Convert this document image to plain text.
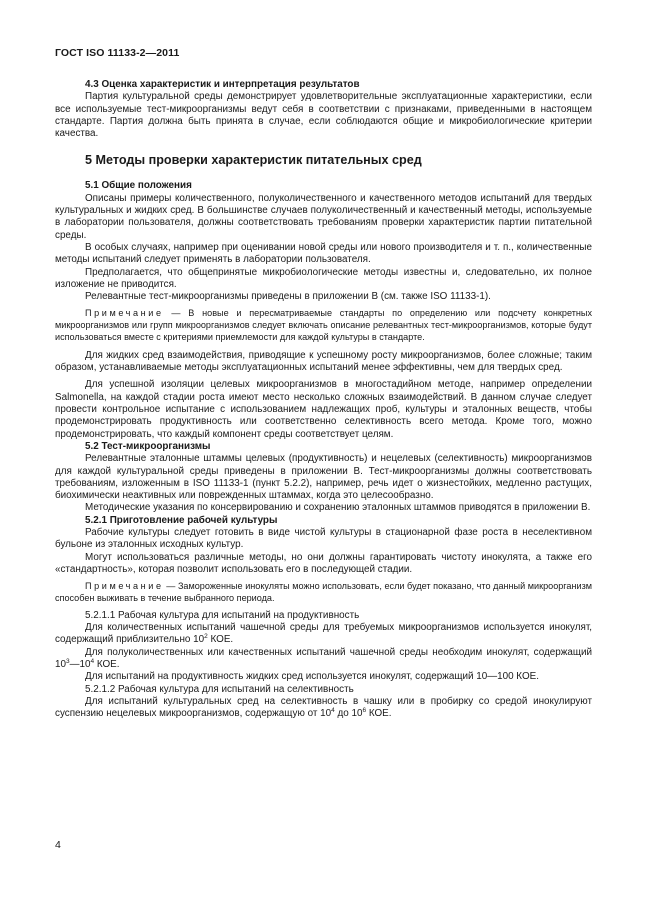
ГОСТ ISO 11133-2—2011

4.3 Оценка характеристик и интерпретация результатов

Партия культуральной среды демонстрирует удовлетворительные эксплуатационные характеристики, если все используемые тест-микроорганизмы ведут себя в соответствии с признаками, приведенными в настоящем стандарте. Партия должна быть принята в случае, если соблюдаются общие и микробиологические критерии качества.

5 Методы проверки характеристик питательных сред

5.1 Общие положения

Описаны примеры количественного, полуколичественного и качественного методов испытаний для твердых культуральных и жидких сред. В большинстве случаев полуколичественный и качественный методы, используемые в лаборатории пользователя, должны соответствовать требованиям проверки характеристик партии питательной среды.

В особых случаях, например при оценивании новой среды или нового производителя и т. п., количественные методы испытаний следует применять в лаборатории пользователя.

Предполагается, что общепринятые микробиологические методы известны и, следовательно, их полное изложение не приводится.

Релевантные тест-микроорганизмы приведены в приложении В (см. также ISO 11133-1).

Примечание — В новые и пересматриваемые стандарты по определению или подсчету конкретных микроорганизмов или групп микроорганизмов следует включать описание релевантных тест-микроорганизмов, которые будут использоваться вместе с критериями приемлемости для каждой культуры в стандарте.

Для жидких сред взаимодействия, приводящие к успешному росту микроорганизмов, более сложные; таким образом, устанавливаемые методы эксплуатационных испытаний менее эффективны, чем для твердых сред.

Для успешной изоляции целевых микроорганизмов в многостадийном методе, например определении Salmonella, на каждой стадии роста имеют место несколько сложных взаимодействий. В данном случае следует провести контрольное испытание с использованием надлежащих проб, культуры и эталонных веществ, чтобы продемонстрировать продуктивность или соответственно селективность всего метода. Кроме того, можно продемонстрировать, что каждый компонент среды соответствует целям.

5.2 Тест-микроорганизмы

Релевантные эталонные штаммы целевых (продуктивность) и нецелевых (селективность) микроорганизмов для каждой культуральной среды приведены в приложении В. Тест-микроорганизмы должны соответствовать требованиям, изложенным в ISO 11133-1 (пункт 5.2.2), например, речь идет о жизнестойких, медленно растущих, биохимически неактивных или поврежденных штаммах, когда это целесообразно.

Методические указания по консервированию и сохранению эталонных штаммов приводятся в приложении В.

5.2.1 Приготовление рабочей культуры

Рабочие культуры следует готовить в виде чистой культуры в стационарной фазе роста в неселективном бульоне из эталонных исходных культур.

Могут использоваться различные методы, но они должны гарантировать чистоту инокулята, а также его «стандартность», которая позволит использовать его в последующей стадии.

Примечание — Замороженные инокуляты можно использовать, если будет показано, что данный микроорганизм способен выживать в течение выбранного периода.

5.2.1.1 Рабочая культура для испытаний на продуктивность

Для количественных испытаний чашечной среды для требуемых микроорганизмов используется инокулят, содержащий приблизительно $10^2$ КОЕ.

Для полуколичественных или качественных испытаний чашечной среды необходим инокулят, содержащий $10^3—10^4$ КОЕ.

Для испытаний на продуктивность жидких сред используется инокулят, содержащий 10—100 КОЕ.

5.2.1.2 Рабочая культура для испытаний на селективность

Для испытаний культуральных сред на селективность в чашку или в пробирку со средой инокулируют суспензию нецелевых микроорганизмов, содержащую от $10^4$ до $10^6$ КОЕ.

4
